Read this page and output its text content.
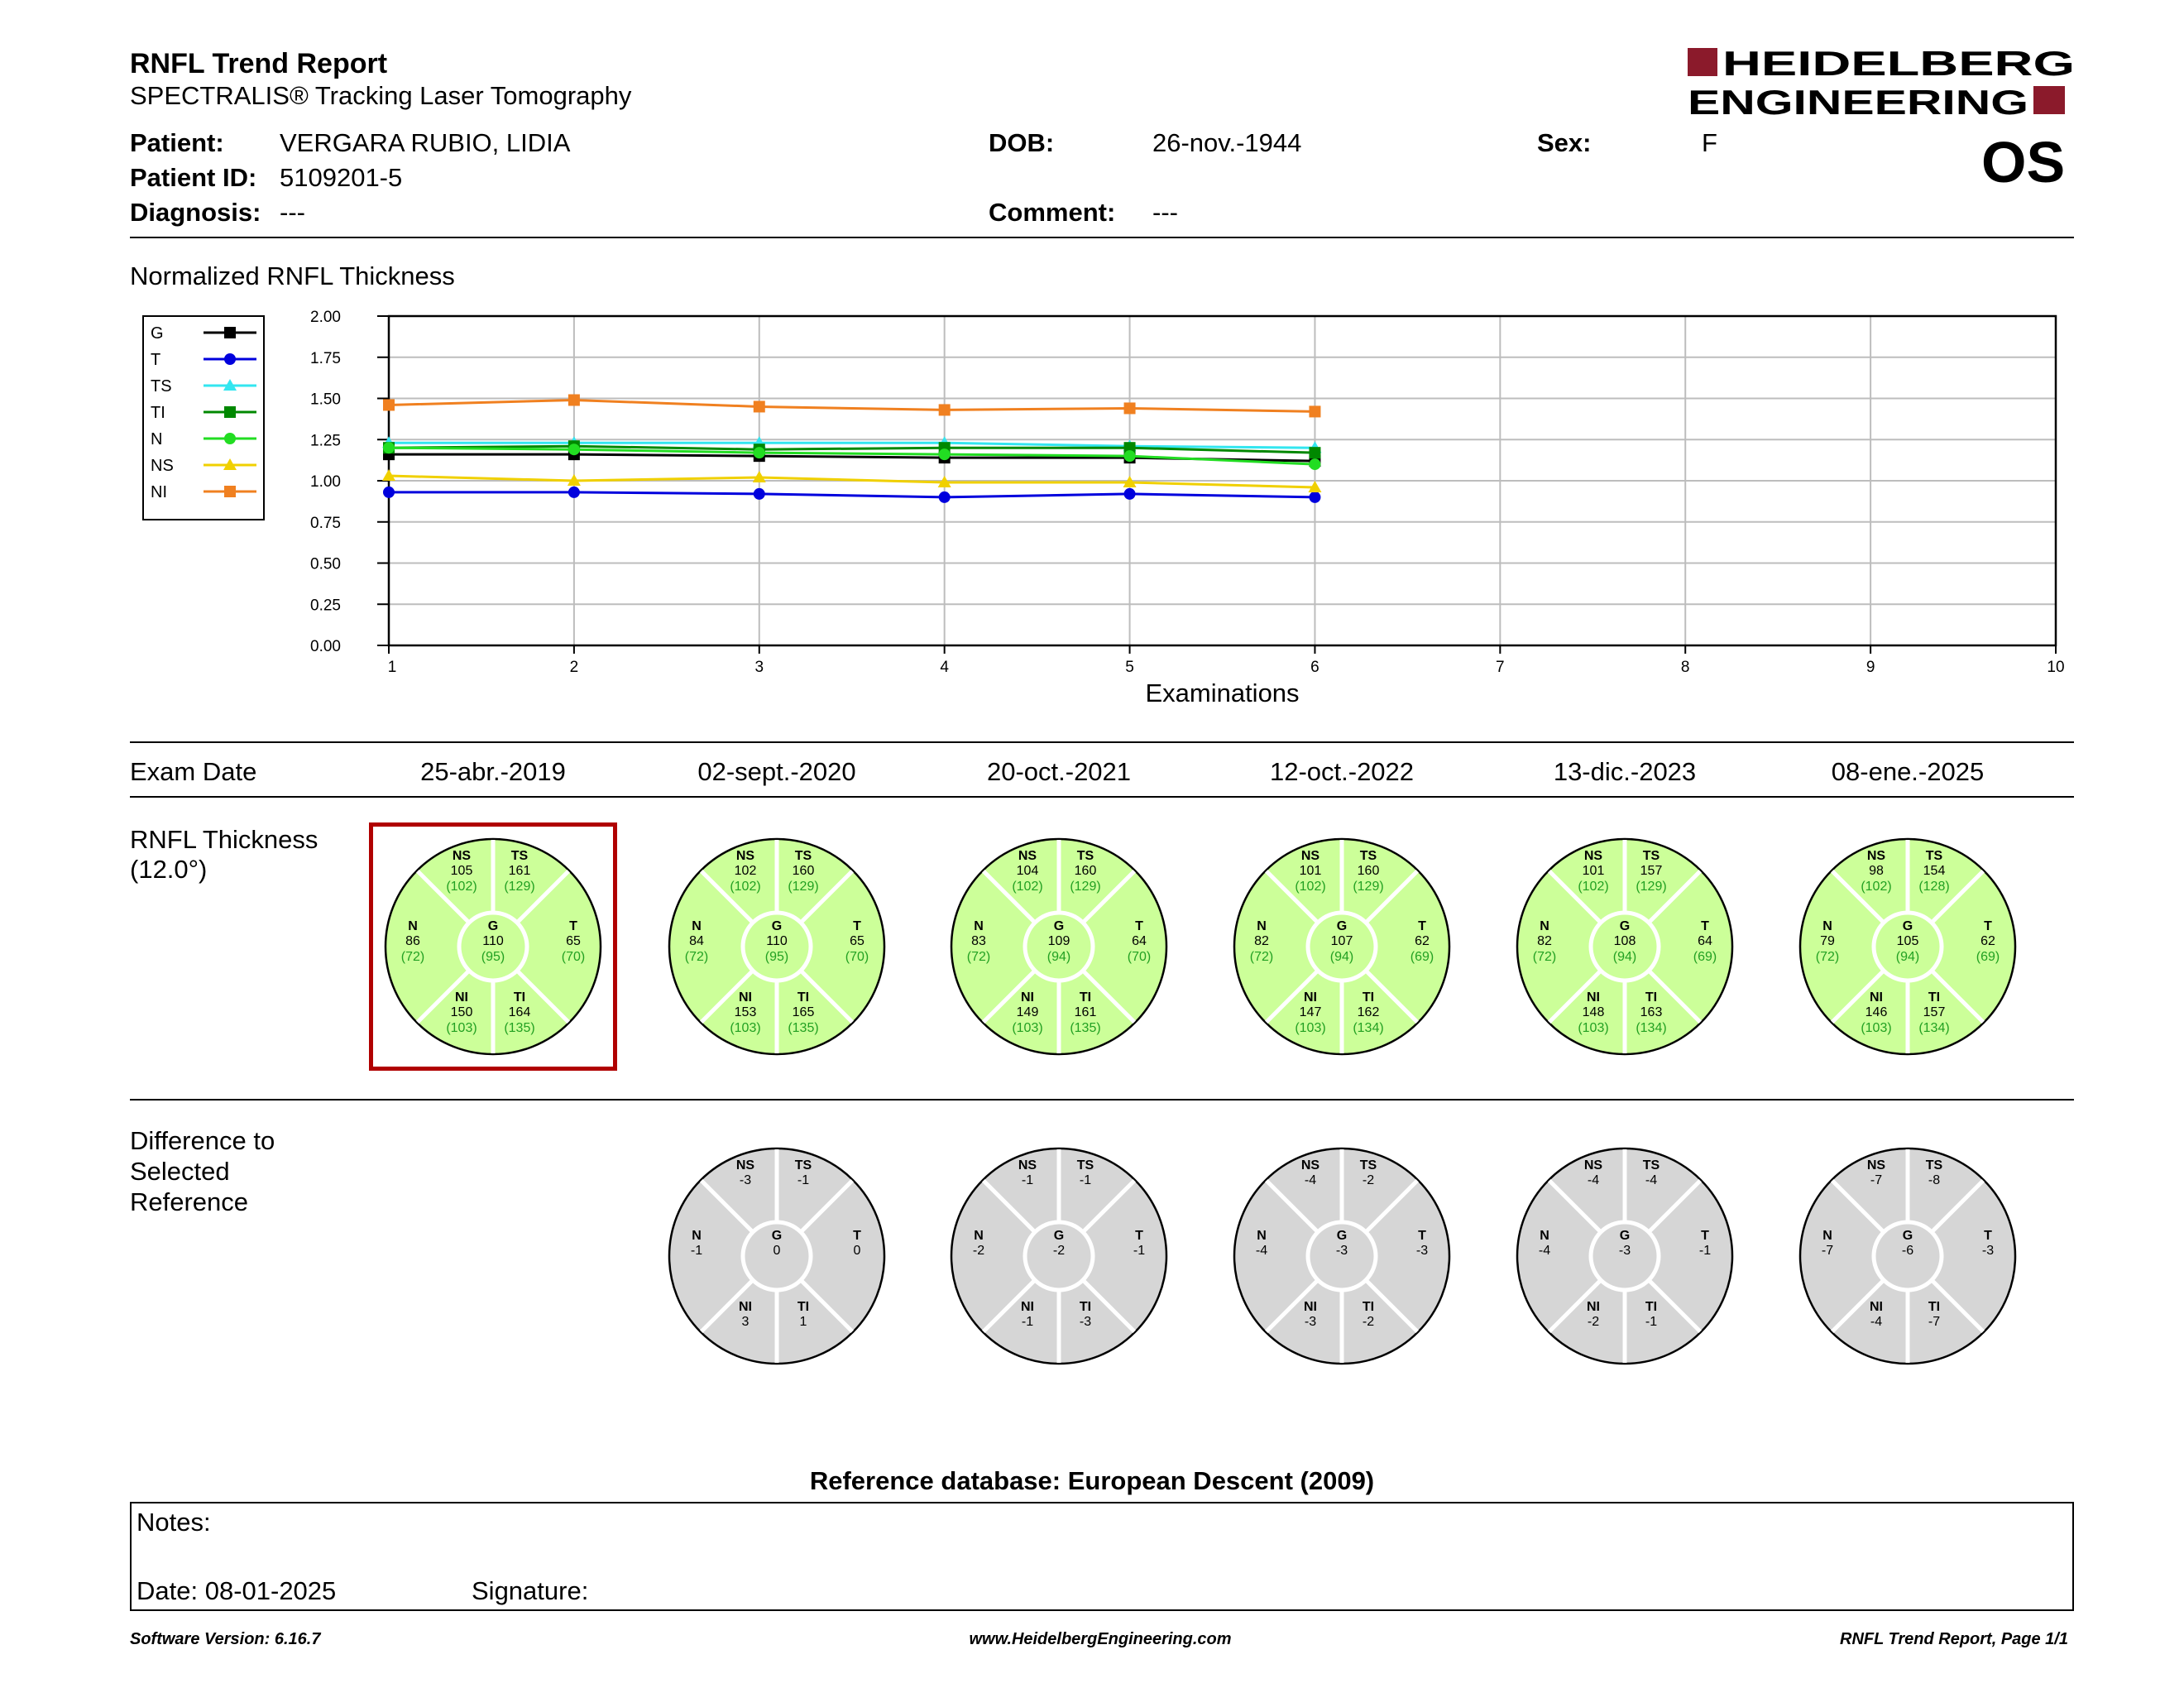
RNFL Trend Report
SPECTRALIS® Tracking Laser Tomography
HEIDELBERG
ENGINEERING
Patient: VERGARA RUBIO, LIDIA	DOB:	26-nov.-1944	Sex:	F	OS
Patient ID: 5109201-5
Diagnosis: ---	Comment: ---
Normalized RNFL Thickness
1	2	3	4	5	6	7	8	9	10
0.00
0.25
0.50
0.75
1.00
1.25
1.50
1.75
2.00
Examinations
G
T
TS
TI
N
NS
NI
Exam Date	25-abr.-2019	02-sept.-2020	20-oct.-2021	12-oct.-2022	13-dic.-2023	08-ene.-2025
RNFL Thickness
(12.0°)
Difference to
Selected
Reference
Reference database: European Descent (2009)
Notes:
Date: 08-01-2025	Signature:
Software Version: 6.16.7	www.HeidelbergEngineering.com	RNFL Trend Report, Page 1/1
NS
105
(102)
TS
161
(129)
N
86
(72)
G
110
(95)
T
65
(70)
NI
150
(103)
TI
164
(135)
NS
102
(102)
TS
160
(129)
N
84
(72)
G
110
(95)
T
65
(70)
NI
153
(103)
TI
165
(135)
NS
-3
TS
-1
N
-1
G
0
T
0
NI
3
TI
1
NS
104
(102)
TS
160
(129)
N
83
(72)
G
109
(94)
T
64
(70)
NI
149
(103)
TI
161
(135)
NS
-1
TS
-1
N
-2
G
-2
T
-1
NI
-1
TI
-3
NS
101
(102)
TS
160
(129)
N
82
(72)
G
107
(94)
T
62
(69)
NI
147
(103)
TI
162
(134)
NS
-4
TS
-2
N
-4
G
-3
T
-3
NI
-3
TI
-2
NS
101
(102)
TS
157
(129)
N
82
(72)
G
108
(94)
T
64
(69)
NI
148
(103)
TI
163
(134)
NS
-4
TS
-4
N
-4
G
-3
T
-1
NI
-2
TI
-1
NS
98
(102)
TS
154
(128)
N
79
(72)
G
105
(94)
T
62
(69)
NI
146
(103)
TI
157
(134)
NS
-7
TS
-8
N
-7
G
-6
T
-3
NI
-4
TI
-7
